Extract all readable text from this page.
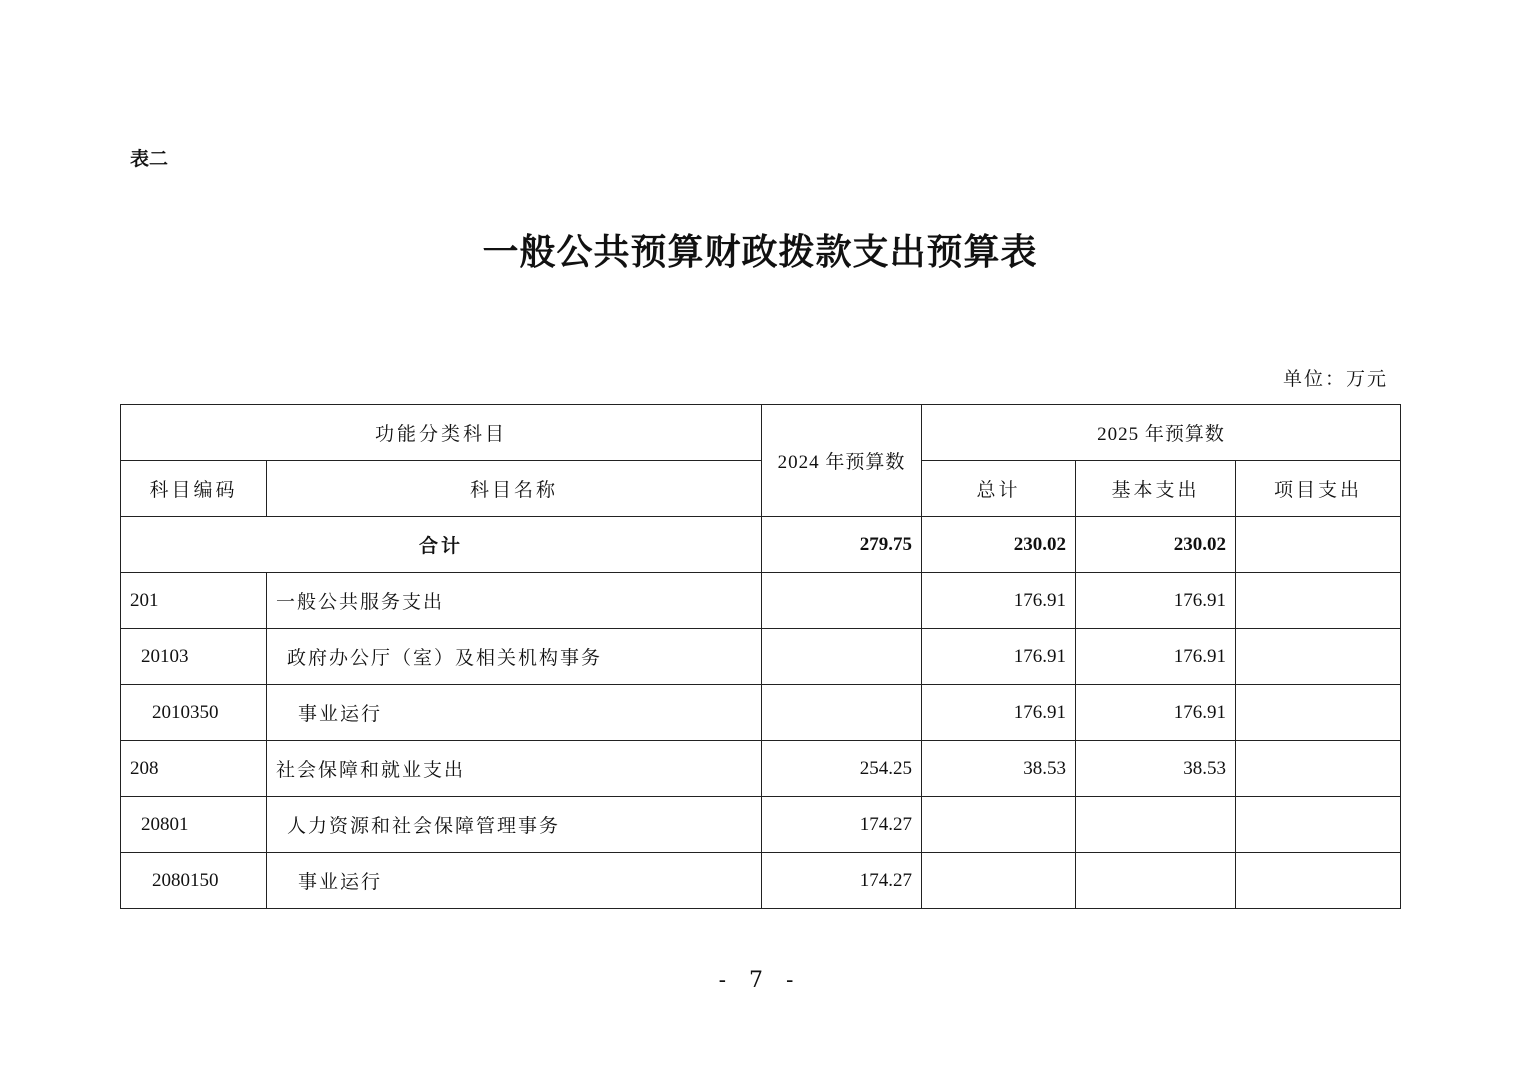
表二
一般公共预算财政拨款支出预算表
单位：万元
功能分类科目		2024 年预算数	2025 年预算数		
科目编码	科目名称		总计	基本支出	项目支出
合计		279.75	230.02	230.02	
201	一般公共服务支出		176.91	176.91	
20103	政府办公厅（室）及相关机构事务		176.91	176.91	
2010350	事业运行		176.91	176.91	
208	社会保障和就业支出	254.25	38.53	38.53	
20801	人力资源和社会保障管理事务	174.27			
2080150	事业运行	174.27			
- 7 -
